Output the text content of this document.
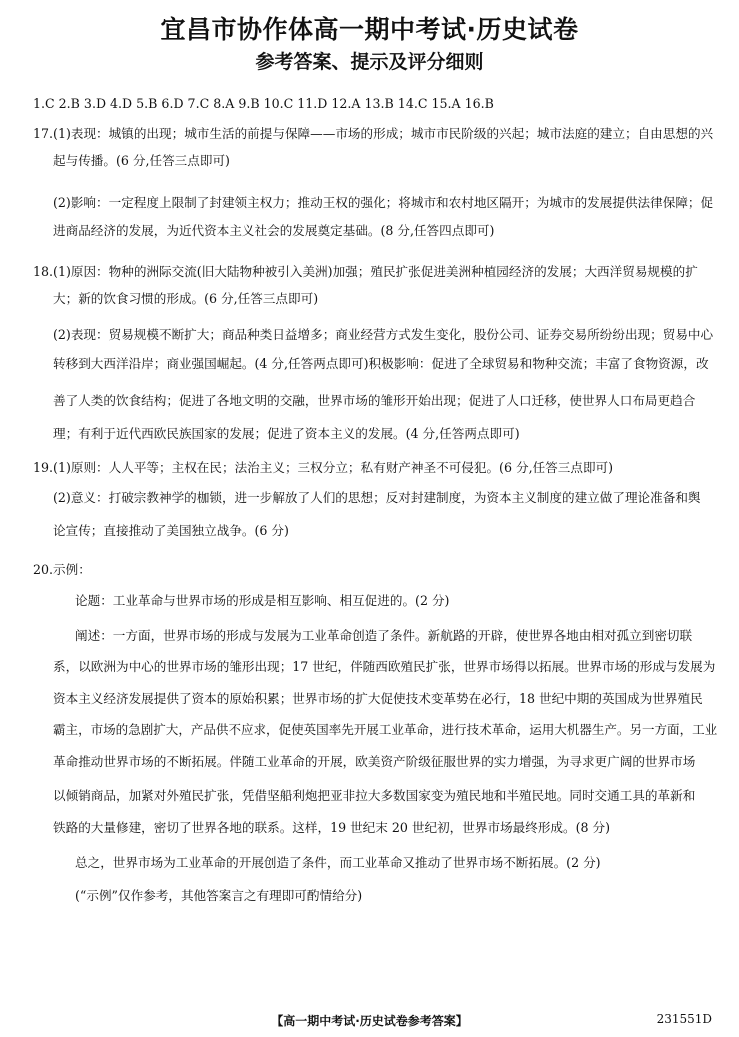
宜昌市协作体高一期中考试·历史试卷
参考答案、提示及评分细则
1.C 2.B 3.D 4.D 5.B 6.D 7.C 8.A 9.B 10.C 11.D 12.A 13.B 14.C 15.A 16.B
17.(1)表现：城镇的出现；城市生活的前提与保障——市场的形成；城市市民阶级的兴起；城市法庭的建立；自由思想的兴
起与传播。(6 分,任答三点即可)
(2)影响：一定程度上限制了封建领主权力；推动王权的强化；将城市和农村地区隔开；为城市的发展提供法律保障；促
进商品经济的发展，为近代资本主义社会的发展奠定基础。(8 分,任答四点即可)
18.(1)原因：物种的洲际交流(旧大陆物种被引入美洲)加强；殖民扩张促进美洲种植园经济的发展；大西洋贸易规模的扩
大；新的饮食习惯的形成。(6 分,任答三点即可)
(2)表现：贸易规模不断扩大；商品种类日益增多；商业经营方式发生变化，股份公司、证券交易所纷纷出现；贸易中心
转移到大西洋沿岸；商业强国崛起。(4 分,任答两点即可)积极影响：促进了全球贸易和物种交流；丰富了食物资源，改
善了人类的饮食结构；促进了各地文明的交融，世界市场的雏形开始出现；促进了人口迁移，使世界人口布局更趋合
理；有利于近代西欧民族国家的发展；促进了资本主义的发展。(4 分,任答两点即可)
19.(1)原则：人人平等；主权在民；法治主义；三权分立；私有财产神圣不可侵犯。(6 分,任答三点即可)
(2)意义：打破宗教神学的枷锁，进一步解放了人们的思想；反对封建制度，为资本主义制度的建立做了理论准备和舆
论宣传；直接推动了美国独立战争。(6 分)
20.示例：
论题：工业革命与世界市场的形成是相互影响、相互促进的。(2 分)
阐述：一方面，世界市场的形成与发展为工业革命创造了条件。新航路的开辟，使世界各地由相对孤立到密切联
系，以欧洲为中心的世界市场的雏形出现；17 世纪，伴随西欧殖民扩张，世界市场得以拓展。世界市场的形成与发展为
资本主义经济发展提供了资本的原始积累；世界市场的扩大促使技术变革势在必行，18 世纪中期的英国成为世界殖民
霸主，市场的急剧扩大，产品供不应求，促使英国率先开展工业革命，进行技术革命，运用大机器生产。另一方面，工业
革命推动世界市场的不断拓展。伴随工业革命的开展，欧美资产阶级征服世界的实力增强，为寻求更广阔的世界市场
以倾销商品，加紧对外殖民扩张，凭借坚船利炮把亚非拉大多数国家变为殖民地和半殖民地。同时交通工具的革新和
铁路的大量修建，密切了世界各地的联系。这样，19 世纪末 20 世纪初，世界市场最终形成。(8 分)
总之，世界市场为工业革命的开展创造了条件，而工业革命又推动了世界市场不断拓展。(2 分)
(“示例”仅作参考，其他答案言之有理即可酌情给分)
【高一期中考试·历史试卷参考答案】	231551D
